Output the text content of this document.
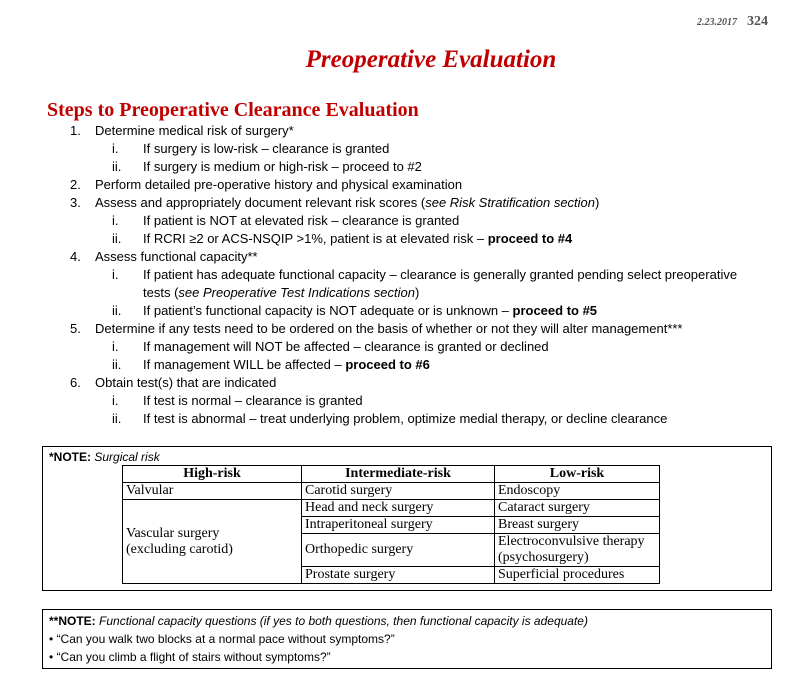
2.23.2017 324
Preoperative Evaluation
Steps to Preoperative Clearance Evaluation
1. Determine medical risk of surgery*
i. If surgery is low-risk – clearance is granted
ii. If surgery is medium or high-risk – proceed to #2
2. Perform detailed pre-operative history and physical examination
3. Assess and appropriately document relevant risk scores (see Risk Stratification section)
i. If patient is NOT at elevated risk – clearance is granted
ii. If RCRI ≥2 or ACS-NSQIP >1%, patient is at elevated risk – proceed to #4
4. Assess functional capacity**
i. If patient has adequate functional capacity – clearance is generally granted pending select preoperative
tests (see Preoperative Test Indications section)
ii. If patient’s functional capacity is NOT adequate or is unknown – proceed to #5
5. Determine if any tests need to be ordered on the basis of whether or not they will alter management***
i. If management will NOT be affected – clearance is granted or declined
ii. If management WILL be affected – proceed to #6
6. Obtain test(s) that are indicated
i. If test is normal – clearance is granted
ii. If test is abnormal – treat underlying problem, optimize medial therapy, or decline clearance
*NOTE: Surgical risk
High-risk	Intermediate-risk	Low-risk
Valvular	Carotid surgery	Endoscopy
Vascular surgery
(excluding carotid)	Head and neck surgery	Cataract surgery
	Intraperitoneal surgery	Breast surgery
	Orthopedic surgery	Electroconvulsive therapy
(psychosurgery)
	Prostate surgery	Superficial procedures
**NOTE: Functional capacity questions (if yes to both questions, then functional capacity is adequate)
• “Can you walk two blocks at a normal pace without symptoms?”
• “Can you climb a flight of stairs without symptoms?”
